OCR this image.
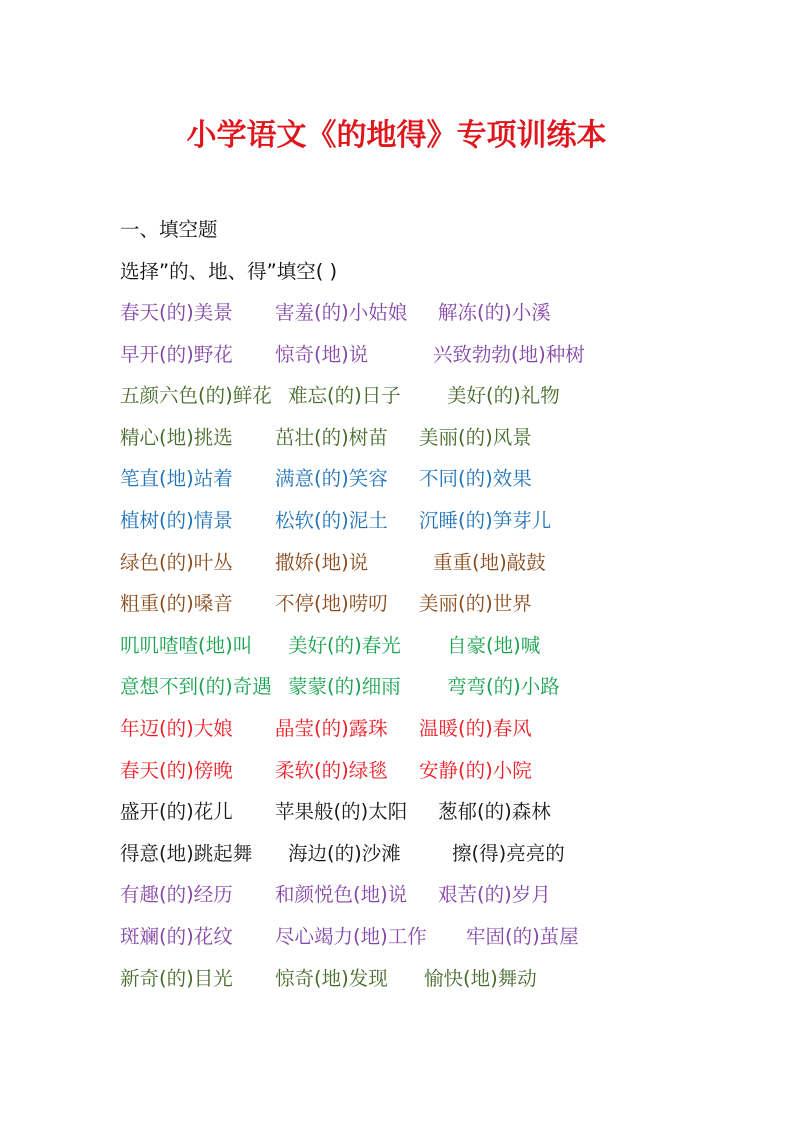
小学语文《的地得》专项训练本
一、填空题
选择”的、地、得”填空( )
春天(的)美景 害羞(的)小姑娘 解冻(的)小溪
早开(的)野花 惊奇(地)说	兴致勃勃(地)种树
五颜六色(的)鲜花 难忘(的)日子 美好(的)礼物
精心(地)挑选 茁壮(的)树苗 美丽(的)风景
笔直(地)站着 满意(的)笑容 不同(的)效果
植树(的)情景 松软(的)泥土 沉睡(的)笋芽儿
绿色(的)叶丛 撒娇(地)说	重重(地)敲鼓
粗重(的)嗓音 不停(地)唠叨 美丽(的)世界
叽叽喳喳(地)叫 美好(的)春光 自豪(地)喊
意想不到(的)奇遇 蒙蒙(的)细雨 弯弯(的)小路
年迈(的)大娘 晶莹(的)露珠 温暖(的)春风
春天(的)傍晚 柔软(的)绿毯 安静(的)小院
盛开(的)花儿 苹果般(的)太阳 葱郁(的)森林
得意(地)跳起舞 海边(的)沙滩	擦(得)亮亮的
有趣(的)经历 和颜悦色(地)说 艰苦(的)岁月
斑斓(的)花纹 尽心竭力(地)工作 牢固(的)茧屋
新奇(的)目光 惊奇(地)发现 愉快(地)舞动
